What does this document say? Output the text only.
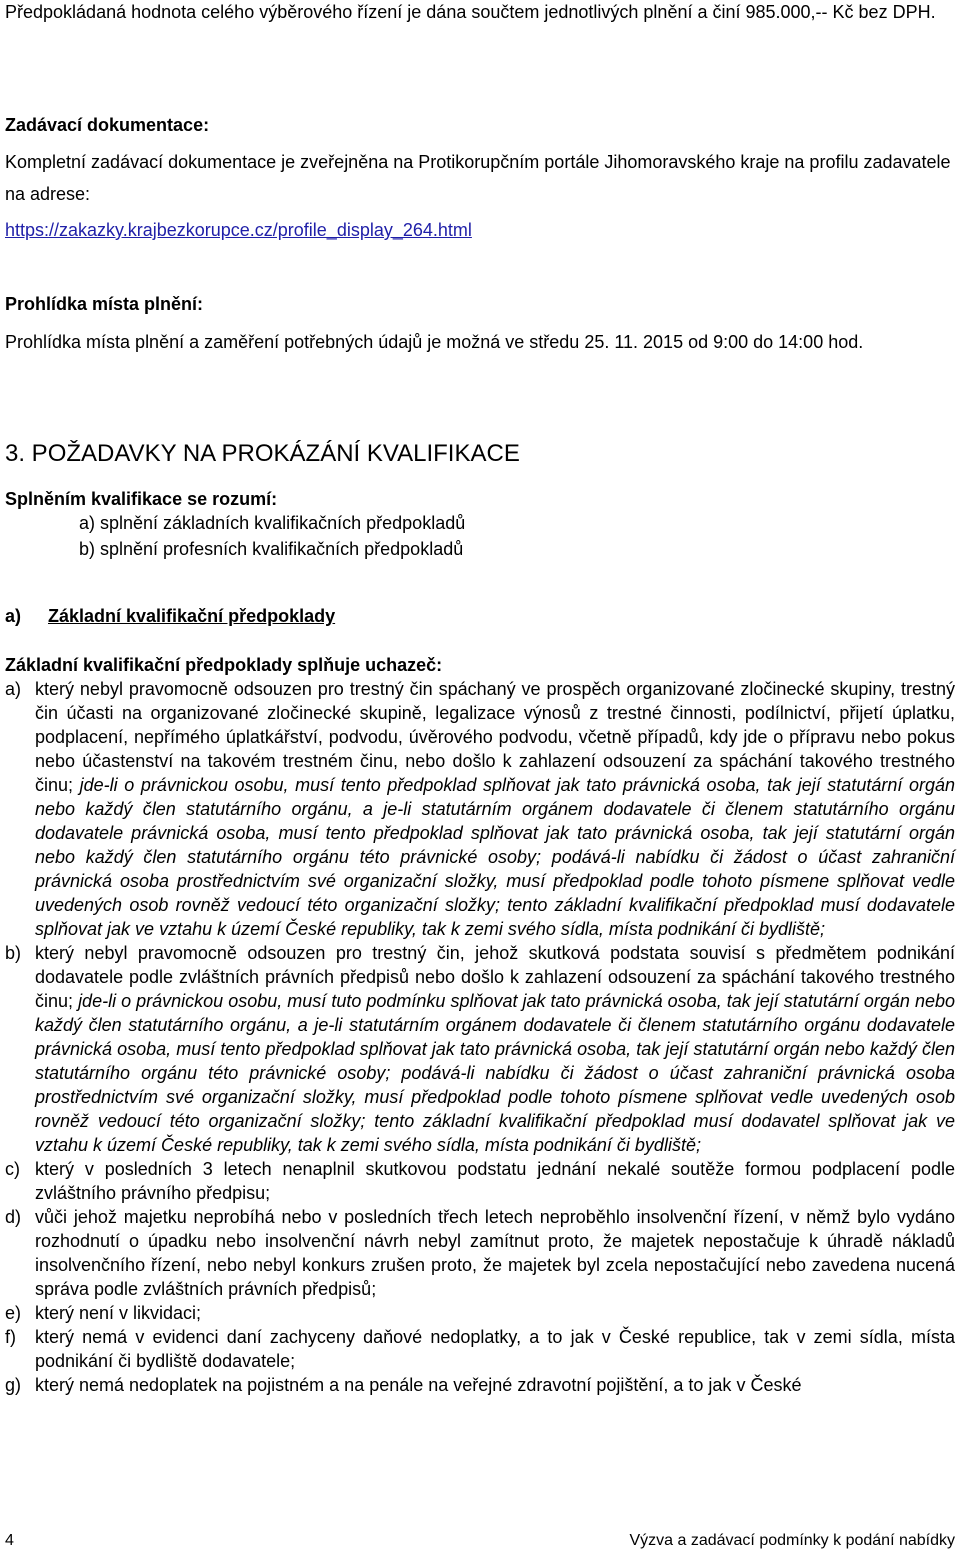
Předpokládaná hodnota celého výběrového řízení je dána součtem jednotlivých plnění a činí 985.000,-- Kč bez DPH.
Zadávací dokumentace:
Kompletní zadávací dokumentace je zveřejněna na Protikorupčním portále Jihomoravského kraje na profilu zadavatele na adrese:
https://zakazky.krajbezkorupce.cz/profile_display_264.html
Prohlídka místa plnění:
Prohlídka místa plnění a zaměření potřebných údajů je možná ve středu 25. 11. 2015 od 9:00 do 14:00 hod.
3. POŽADAVKY NA PROKÁZÁNÍ KVALIFIKACE
Splněním kvalifikace se rozumí:
a) splnění základních kvalifikačních předpokladů
b) splnění profesních kvalifikačních předpokladů
a) Základní kvalifikační předpoklady
Základní kvalifikační předpoklady splňuje uchazeč:
a) který nebyl pravomocně odsouzen pro trestný čin spáchaný ve prospěch organizované zločinecké skupiny, trestný čin účasti na organizované zločinecké skupině, legalizace výnosů z trestné činnosti, podílnictví, přijetí úplatku, podplacení, nepřímého úplatkářství, podvodu, úvěrového podvodu, včetně případů, kdy jde o přípravu nebo pokus nebo účastenství na takovém trestném činu, nebo došlo k zahlazení odsouzení za spáchání takového trestného činu; jde-li o právnickou osobu, musí tento předpoklad splňovat jak tato právnická osoba, tak její statutární orgán nebo každý člen statutárního orgánu, a je-li statutárním orgánem dodavatele či členem statutárního orgánu dodavatele právnická osoba, musí tento předpoklad splňovat jak tato právnická osoba, tak její statutární orgán nebo každý člen statutárního orgánu této právnické osoby; podává-li nabídku či žádost o účast zahraniční právnická osoba prostřednictvím své organizační složky, musí předpoklad podle tohoto písmene splňovat vedle uvedených osob rovněž vedoucí této organizační složky; tento základní kvalifikační předpoklad musí dodavatele splňovat jak ve vztahu k území České republiky, tak k zemi svého sídla, místa podnikání či bydliště;
b) který nebyl pravomocně odsouzen pro trestný čin, jehož skutková podstata souvisí s předmětem podnikání dodavatele podle zvláštních právních předpisů nebo došlo k zahlazení odsouzení za spáchání takového trestného činu; jde-li o právnickou osobu, musí tuto podmínku splňovat jak tato právnická osoba, tak její statutární orgán nebo každý člen statutárního orgánu, a je-li statutárním orgánem dodavatele či členem statutárního orgánu dodavatele právnická osoba, musí tento předpoklad splňovat jak tato právnická osoba, tak její statutární orgán nebo každý člen statutárního orgánu této právnické osoby; podává-li nabídku či žádost o účast zahraniční právnická osoba prostřednictvím své organizační složky, musí předpoklad podle tohoto písmene splňovat vedle uvedených osob rovněž vedoucí této organizační složky; tento základní kvalifikační předpoklad musí dodavatel splňovat jak ve vztahu k území České republiky, tak k zemi svého sídla, místa podnikání či bydliště;
c) který v posledních 3 letech nenaplnil skutkovou podstatu jednání nekalé soutěže formou podplacení podle zvláštního právního předpisu;
d) vůči jehož majetku neprobíhá nebo v posledních třech letech neproběhlo insolvenční řízení, v němž bylo vydáno rozhodnutí o úpadku nebo insolvenční návrh nebyl zamítnut proto, že majetek nepostačuje k úhradě nákladů insolvenčního řízení, nebo nebyl konkurs zrušen proto, že majetek byl zcela nepostačující nebo zavedena nucená správa podle zvláštních právních předpisů;
e) který není v likvidaci;
f) který nemá v evidenci daní zachyceny daňové nedoplatky, a to jak v České republice, tak v zemi sídla, místa podnikání či bydliště dodavatele;
g) který nemá nedoplatek na pojistném a na penále na veřejné zdravotní pojištění, a to jak v České
4	Výzva a zadávací podmínky k podání nabídky
